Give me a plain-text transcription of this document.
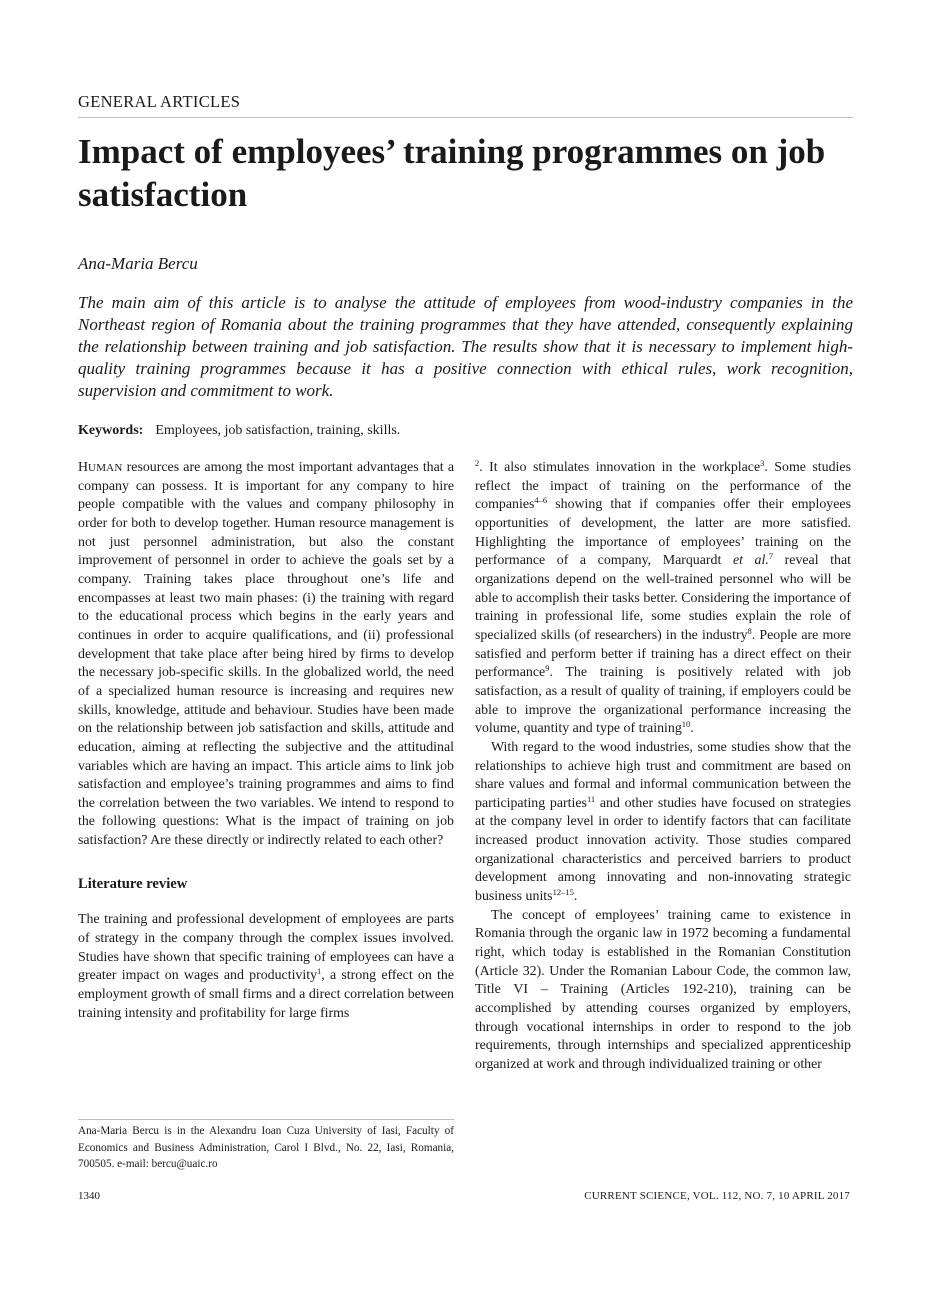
GENERAL ARTICLES
Impact of employees’ training programmes on job satisfaction
Ana-Maria Bercu

The main aim of this article is to analyse the attitude of employees from wood-industry companies in the Northeast region of Romania about the training programmes that they have attended, consequently explaining the relationship between training and job satisfaction. The results show that it is necessary to implement high-quality training programmes because it has a positive connection with ethical rules, work recognition, supervision and commitment to work.

Keywords: Employees, job satisfaction, training, skills.

HUMAN resources are among the most important advantages that a company can possess. It is important for any company to hire people compatible with the values and company philosophy in order for both to develop together. Human resource management is not just personnel administration, but also the constant improvement of personnel in order to achieve the goals set by a company. Training takes place throughout one’s life and encompasses at least two main phases: (i) the training with regard to the educational process which begins in the early years and continues in order to acquire qualifications, and (ii) professional development that take place after being hired by firms to develop the necessary job-specific skills. In the globalized world, the need of a specialized human resource is increasing and requires new skills, knowledge, attitude and behaviour. Studies have been made on the relationship between job satisfaction and skills, attitude and education, aiming at reflecting the subjective and the attitudinal variables which are having an impact. This article aims to link job satisfaction and employee’s training programmes and aims to find the correlation between the two variables. We intend to respond to the following questions: What is the impact of training on job satisfaction? Are these directly or indirectly related to each other?

Literature review

The training and professional development of employees are parts of strategy in the company through the complex issues involved. Studies have shown that specific training of employees can have a greater impact on wages and productivity$^1$, a strong effect on the employment growth of small firms and a direct correlation between training intensity and profitability for large firms

Ana-Maria Bercu is in the Alexandru Ioan Cuza University of Iasi, Faculty of Economics and Business Administration, Carol I Blvd., No. 22, Iasi, Romania, 700505. e-mail: bercu@uaic.ro

$^2$. It also stimulates innovation in the workplace$^3$. Some studies reflect the impact of training on the performance of the companies$^{4-6}$ showing that if companies offer their employees opportunities of development, the latter are more satisfied. Highlighting the importance of employees’ training on the performance of a company, Marquardt et al.$^7$ reveal that organizations depend on the well-trained personnel who will be able to accomplish their tasks better. Considering the importance of training in professional life, some studies explain the role of specialized skills (of researchers) in the industry$^8$. People are more satisfied and perform better if training has a direct effect on their performance$^9$. The training is positively related with job satisfaction, as a result of quality of training, if employers could be able to improve the organizational performance increasing the volume, quantity and type of training$^{10}$.

With regard to the wood industries, some studies show that the relationships to achieve high trust and commitment are based on share values and formal and informal communication between the participating parties$^{11}$ and other studies have focused on strategies at the company level in order to identify factors that can facilitate increased product innovation activity. Those studies compared organizational characteristics and perceived barriers to product development among innovating and non-innovating strategic business units$^{12-15}$.

The concept of employees’ training came to existence in Romania through the organic law in 1972 becoming a fundamental right, which today is established in the Romanian Constitution (Article 32). Under the Romanian Labour Code, the common law, Title VI – Training (Articles 192-210), training can be accomplished by attending courses organized by employers, through vocational internships in order to respond to the job requirements, through internships and specialized apprenticeship organized at work and through individualized training or other

1340	CURRENT SCIENCE, VOL. 112, NO. 7, 10 APRIL 2017
